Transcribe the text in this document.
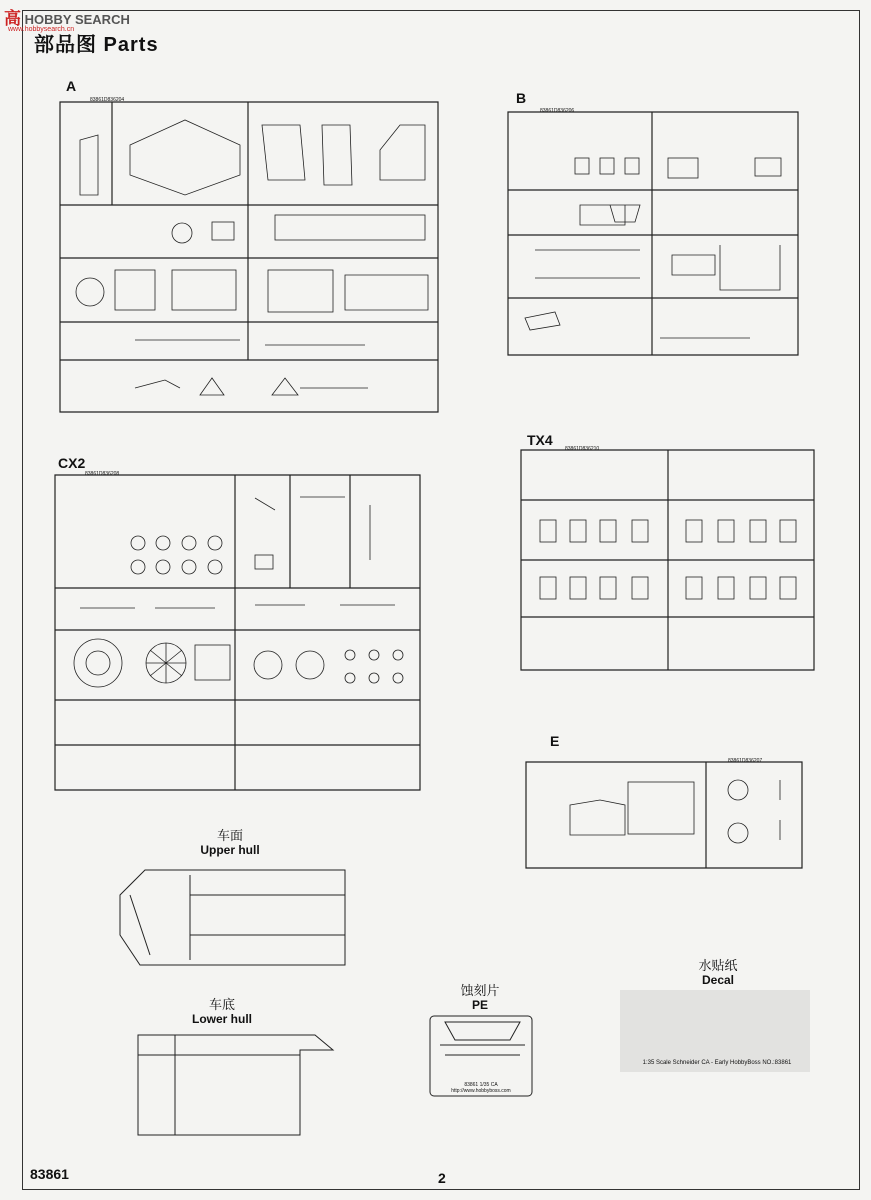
高 HOBBY SEARCH
www.hobbysearch.cn
部品图 Parts
A
B
CX2
TX4
E
车面
Upper hull
车底
Lower hull
蚀刻片
PE
水贴纸
Decal
1:35 Scale Schneider CA - Early HobbyBoss NO.:83861
83861 1/35 CA
http://www.hobbyboss.com
83861D836204
83861D836206
83861D836208
83861D836210
83861D836207
83861	2
